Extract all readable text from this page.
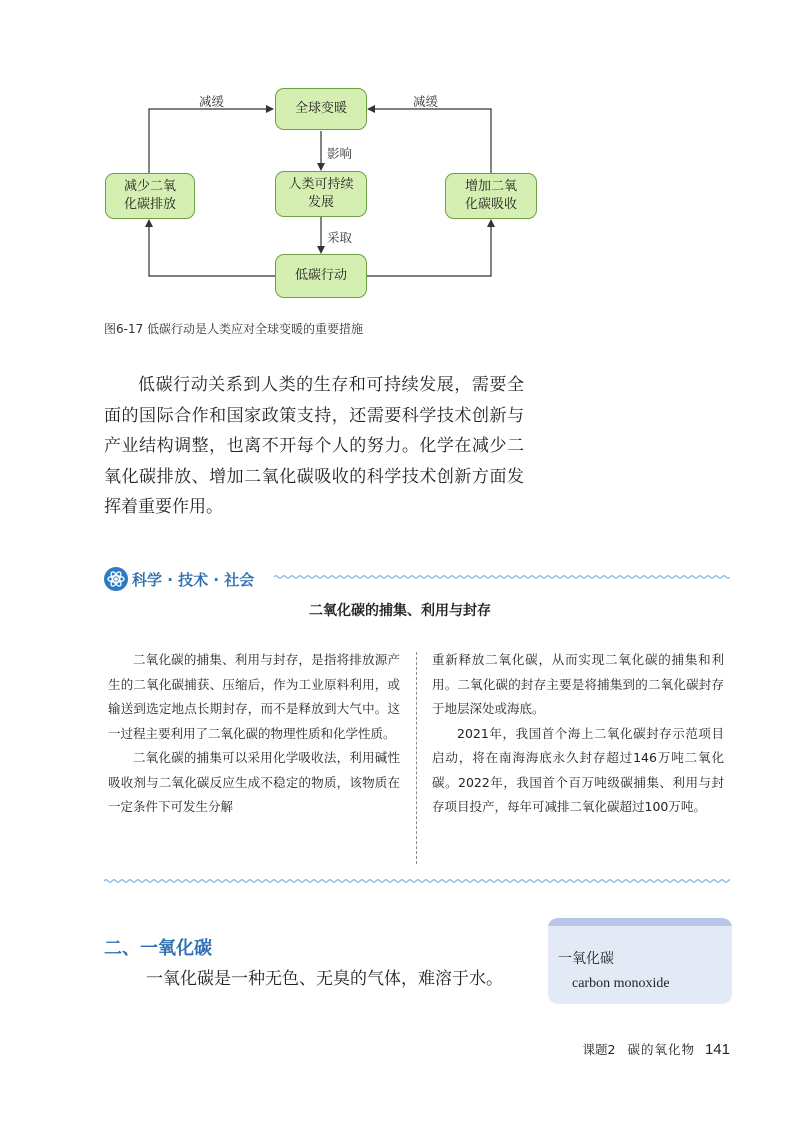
全球变暖
减少二氧
化碳排放
人类可持续
发展
增加二氧
化碳吸收
低碳行动
减缓	减缓
影响
采取
图6-17 低碳行动是人类应对全球变暖的重要措施

低碳行动关系到人类的生存和可持续发展，需要全面的国际合作和国家政策支持，还需要科学技术创新与产业结构调整，也离不开每个人的努力。化学在减少二氧化碳排放、增加二氧化碳吸收的科学技术创新方面发挥着重要作用。

科学 · 技术 · 社会
二氧化碳的捕集、利用与封存

二氧化碳的捕集、利用与封存，是指将排放源产生的二氧化碳捕获、压缩后，作为工业原料利用，或输送到选定地点长期封存，而不是释放到大气中。这一过程主要利用了二氧化碳的物理性质和化学性质。

二氧化碳的捕集可以采用化学吸收法，利用碱性吸收剂与二氧化碳反应生成不稳定的物质，该物质在一定条件下可发生分解

重新释放二氧化碳，从而实现二氧化碳的捕集和利用。二氧化碳的封存主要是将捕集到的二氧化碳封存于地层深处或海底。

2021年，我国首个海上二氧化碳封存示范项目启动，将在南海海底永久封存超过146万吨二氧化碳。2022年，我国首个百万吨级碳捕集、利用与封存项目投产，每年可减排二氧化碳超过100万吨。

二、一氧化碳
一氧化碳是一种无色、无臭的气体，难溶于水。
一氧化碳
carbon monoxide
课题2 碳的氧化物 141
